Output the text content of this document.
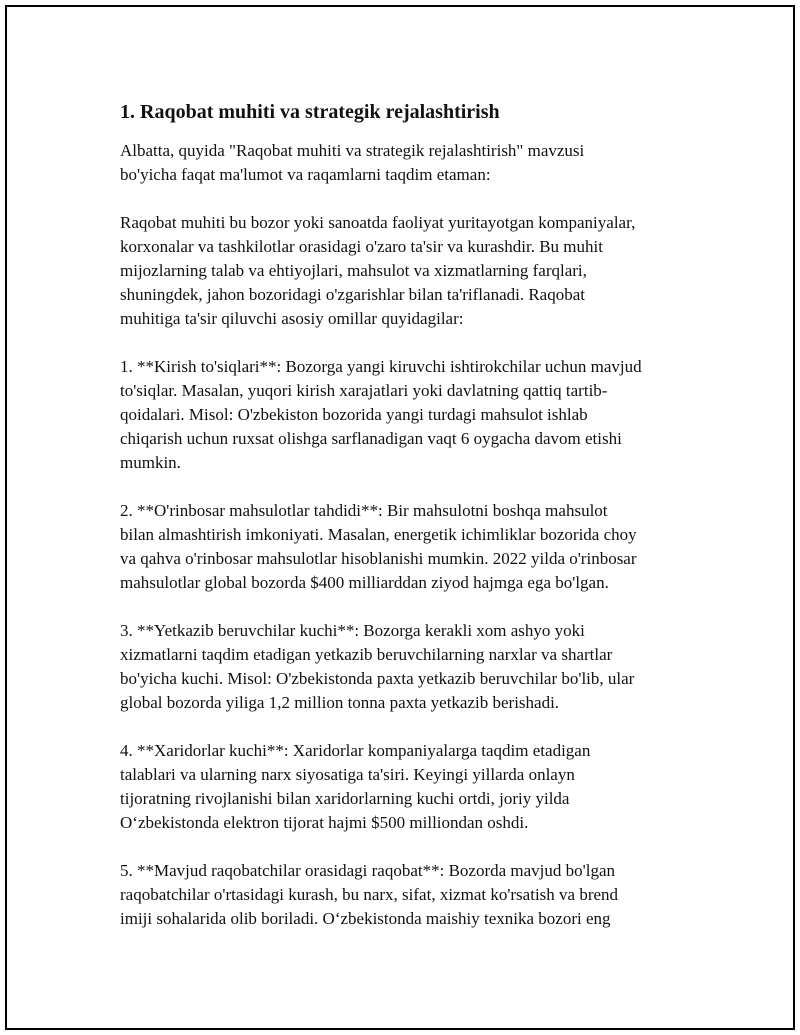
1. Raqobat muhiti va strategik rejalashtirish

Albatta, quyida "Raqobat muhiti va strategik rejalashtirish" mavzusi
bo'yicha faqat ma'lumot va raqamlarni taqdim etaman:

Raqobat muhiti bu bozor yoki sanoatda faoliyat yuritayotgan kompaniyalar,
korxonalar va tashkilotlar orasidagi o'zaro ta'sir va kurashdir. Bu muhit
mijozlarning talab va ehtiyojlari, mahsulot va xizmatlarning farqlari,
shuningdek, jahon bozoridagi o'zgarishlar bilan ta'riflanadi. Raqobat
muhitiga ta'sir qiluvchi asosiy omillar quyidagilar:

1. **Kirish to'siqlari**: Bozorga yangi kiruvchi ishtirokchilar uchun mavjud
to'siqlar. Masalan, yuqori kirish xarajatlari yoki davlatning qattiq tartib-
qoidalari. Misol: O'zbekiston bozorida yangi turdagi mahsulot ishlab
chiqarish uchun ruxsat olishga sarflanadigan vaqt 6 oygacha davom etishi
mumkin.

2. **O'rinbosar mahsulotlar tahdidi**: Bir mahsulotni boshqa mahsulot
bilan almashtirish imkoniyati. Masalan, energetik ichimliklar bozorida choy
va qahva o'rinbosar mahsulotlar hisoblanishi mumkin. 2022 yilda o'rinbosar
mahsulotlar global bozorda $400 milliarddan ziyod hajmga ega bo'lgan.

3. **Yetkazib beruvchilar kuchi**: Bozorga kerakli xom ashyo yoki
xizmatlarni taqdim etadigan yetkazib beruvchilarning narxlar va shartlar
bo'yicha kuchi. Misol: O'zbekistonda paxta yetkazib beruvchilar bo'lib, ular
global bozorda yiliga 1,2 million tonna paxta yetkazib berishadi.

4. **Xaridorlar kuchi**: Xaridorlar kompaniyalarga taqdim etadigan
talablari va ularning narx siyosatiga ta'siri. Keyingi yillarda onlayn
tijoratning rivojlanishi bilan xaridorlarning kuchi ortdi, joriy yilda
O‘zbekistonda elektron tijorat hajmi $500 milliondan oshdi.

5. **Mavjud raqobatchilar orasidagi raqobat**: Bozorda mavjud bo'lgan
raqobatchilar o'rtasidagi kurash, bu narx, sifat, xizmat ko'rsatish va brend
imiji sohalarida olib boriladi. O‘zbekistonda maishiy texnika bozori eng
